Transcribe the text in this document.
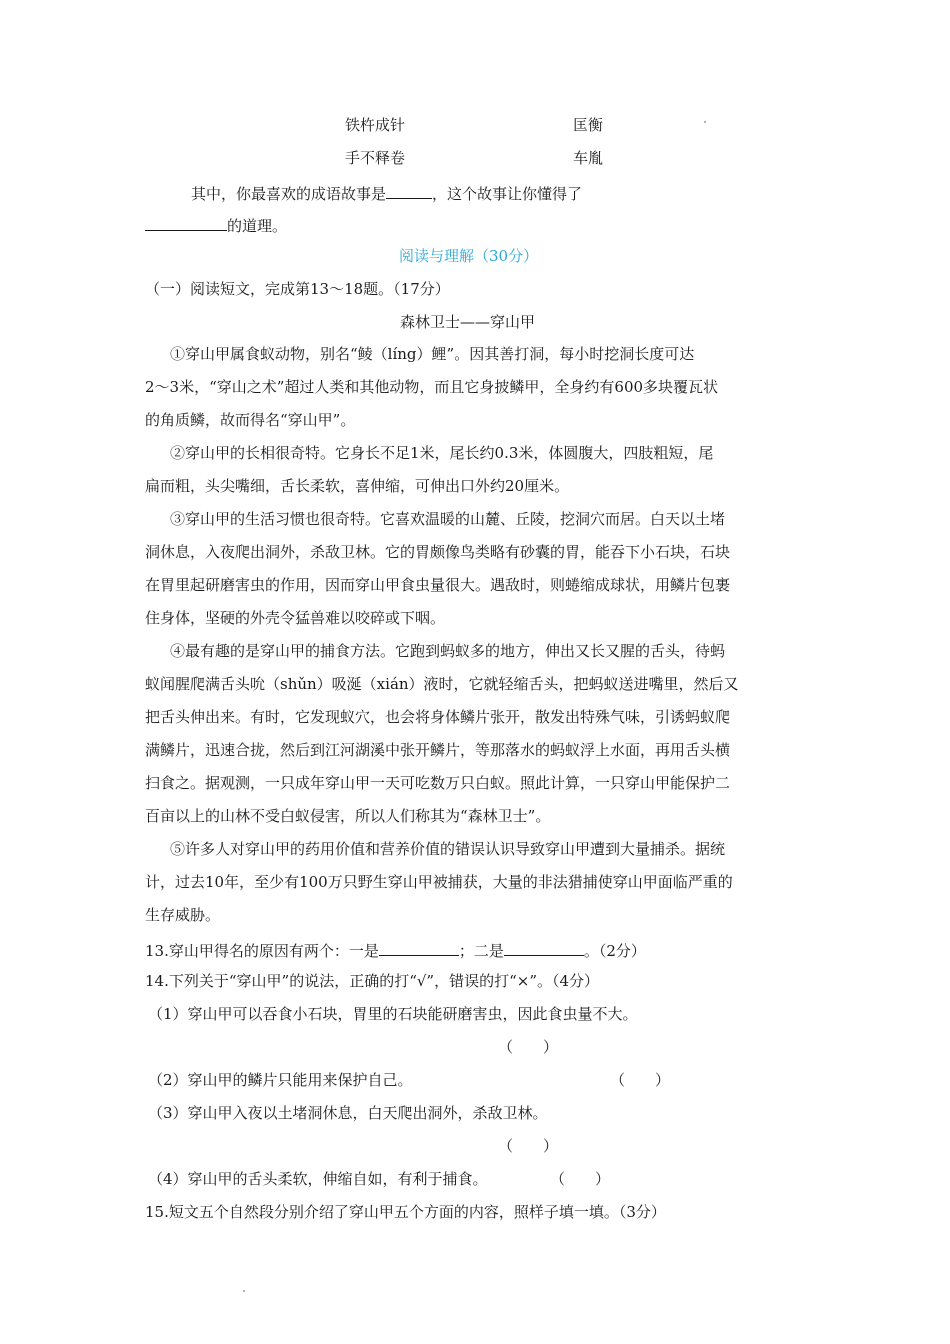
铁杵成针	匡衡
手不释卷	车胤
其中，你最喜欢的成语故事是	，这个故事让你懂得了
的道理。
阅读与理解（30分）
（一）阅读短文，完成第13～18题。（17分）
森林卫士——穿山甲
①穿山甲属食蚁动物，别名“鲮（líng）鲤”。因其善打洞，每小时挖洞长度可达
2～3米，“穿山之术”超过人类和其他动物，而且它身披鳞甲，全身约有600多块覆瓦状
的角质鳞，故而得名“穿山甲”。
②穿山甲的长相很奇特。它身长不足1米，尾长约0.3米，体圆腹大，四肢粗短，尾
扁而粗，头尖嘴细，舌长柔软，喜伸缩，可伸出口外约20厘米。
③穿山甲的生活习惯也很奇特。它喜欢温暖的山麓、丘陵，挖洞穴而居。白天以土堵
洞休息，入夜爬出洞外，杀敌卫林。它的胃颇像鸟类略有砂囊的胃，能吞下小石块，石块
在胃里起研磨害虫的作用，因而穿山甲食虫量很大。遇敌时，则蜷缩成球状，用鳞片包裹
住身体，坚硬的外壳令猛兽难以咬碎或下咽。
④最有趣的是穿山甲的捕食方法。它跑到蚂蚁多的地方，伸出又长又腥的舌头，待蚂
蚁闻腥爬满舌头吮（shǔn）吸涎（xián）液时，它就轻缩舌头，把蚂蚁送进嘴里，然后又
把舌头伸出来。有时，它发现蚁穴，也会将身体鳞片张开，散发出特殊气味，引诱蚂蚁爬
满鳞片，迅速合拢，然后到江河湖溪中张开鳞片，等那落水的蚂蚁浮上水面，再用舌头横
扫食之。据观测，一只成年穿山甲一天可吃数万只白蚁。照此计算，一只穿山甲能保护二
百亩以上的山林不受白蚁侵害，所以人们称其为“森林卫士”。
⑤许多人对穿山甲的药用价值和营养价值的错误认识导致穿山甲遭到大量捕杀。据统
计，过去10年，至少有100万只野生穿山甲被捕获，大量的非法猎捕使穿山甲面临严重的
生存威胁。
13.穿山甲得名的原因有两个：一是	；二是	。（2分）
14.下列关于“穿山甲”的说法，正确的打“√”，错误的打“×”。（4分）
（1）穿山甲可以吞食小石块，胃里的石块能研磨害虫，因此食虫量不大。
（　　）
（2）穿山甲的鳞片只能用来保护自己。	（　　）
（3）穿山甲入夜以土堵洞休息，白天爬出洞外，杀敌卫林。
（　　）
（4）穿山甲的舌头柔软，伸缩自如，有利于捕食。	（　　）
15.短文五个自然段分别介绍了穿山甲五个方面的内容，照样子填一填。（3分）
